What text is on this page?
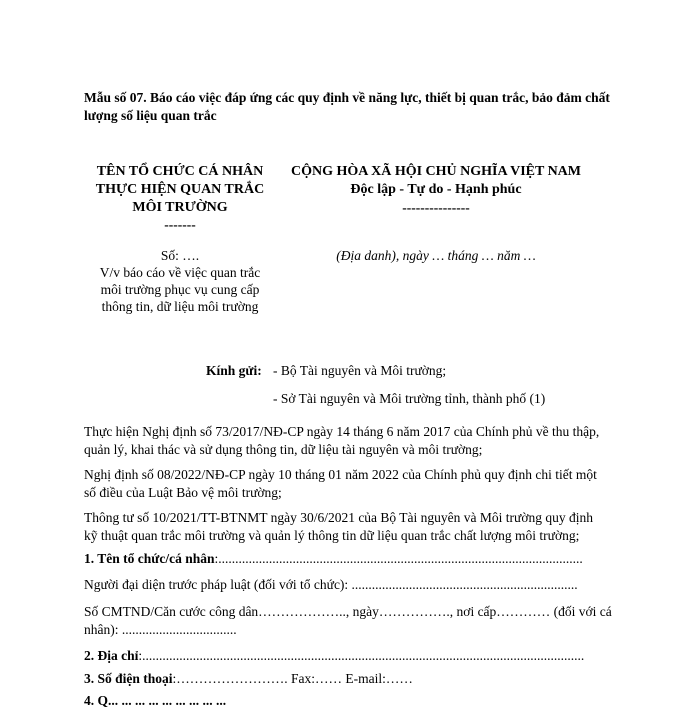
Mẫu số 07. Báo cáo việc đáp ứng các quy định về năng lực, thiết bị quan trắc, bảo đảm chất
lượng số liệu quan trắc
TÊN TỔ CHỨC CÁ NHÂN
THỰC HIỆN QUAN TRẮC
MÔI TRƯỜNG
-------
CỘNG HÒA XÃ HỘI CHỦ NGHĨA VIỆT NAM
Độc lập - Tự do - Hạnh phúc
---------------
Số: ….
V/v báo cáo về việc quan trắc
môi trường phục vụ cung cấp
thông tin, dữ liệu môi trường
(Địa danh), ngày … tháng … năm …
Kính gửi: - Bộ Tài nguyên và Môi trường;
- Sở Tài nguyên và Môi trường tỉnh, thành phố (1)
Thực hiện Nghị định số 73/2017/NĐ-CP ngày 14 tháng 6 năm 2017 của Chính phủ về thu thập,
quản lý, khai thác và sử dụng thông tin, dữ liệu tài nguyên và môi trường;
Nghị định số 08/2022/NĐ-CP ngày 10 tháng 01 năm 2022 của Chính phủ quy định chi tiết một
số điều của Luật Bảo vệ môi trường;
Thông tư số 10/2021/TT-BTNMT ngày 30/6/2021 của Bộ Tài nguyên và Môi trường quy định
kỹ thuật quan trắc môi trường và quản lý thông tin dữ liệu quan trắc chất lượng môi trường;
1. Tên tổ chức/cá nhân:............................................................................................................
Người đại diện trước pháp luật (đối với tổ chức): ...................................................................
Số CMTND/Căn cước công dân……………….., ngày……………., nơi cấp………… (đối với cá
nhân): ..................................
2. Địa chỉ:...................................................................................................................................
3. Số điện thoại:……………………. Fax:…… E-mail:……
4. Q... ... ... ... ... ... ... ... ...
